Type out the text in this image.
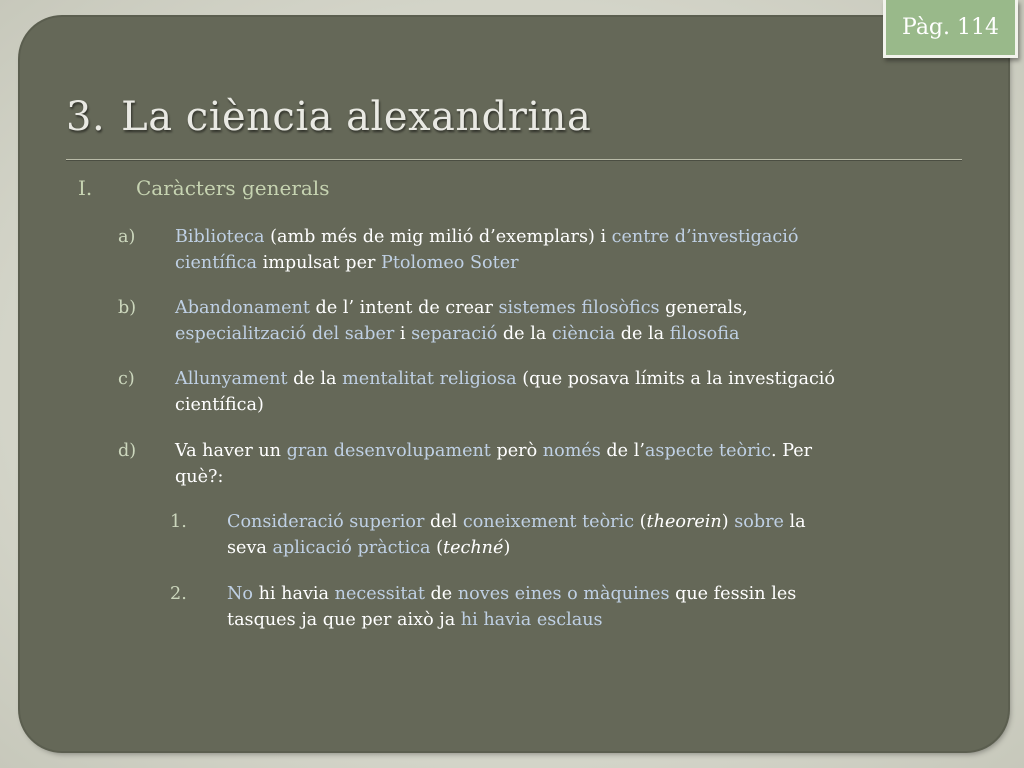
Pàg. 114
3. La ciència alexandrina
I. Caràcters generals
a) Biblioteca (amb més de mig milió d’exemplars) i centre d’investigació
científica impulsat per Ptolomeo Soter
b) Abandonament de l’ intent de crear sistemes filosòfics generals,
especialització del saber i separació de la ciència de la filosofia
c) Allunyament de la mentalitat religiosa (que posava límits a la investigació
científica)
d) Va haver un gran desenvolupament però només de l’aspecte teòric. Per
què?:
1. Consideració superior del coneixement teòric (theorein) sobre la
seva aplicació pràctica (techné)
2. No hi havia necessitat de noves eines o màquines que fessin les
tasques ja que per això ja hi havia esclaus
